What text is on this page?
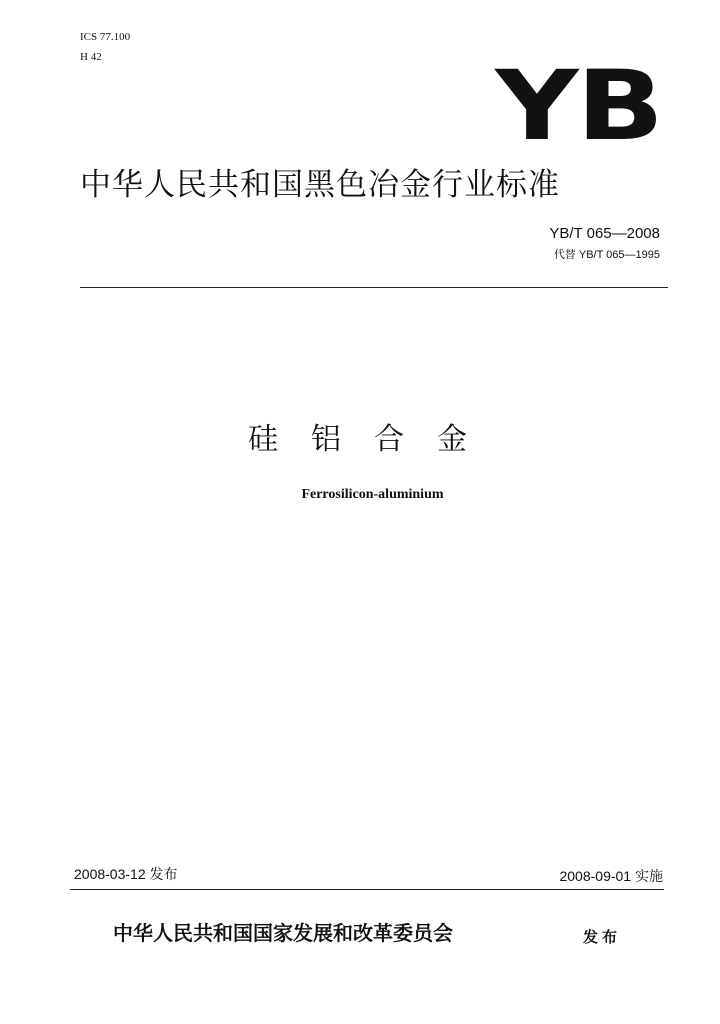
ICS 77.100
H 42	YB
中华人民共和国黑色冶金行业标准
YB/T 065—2008
代替 YB/T 065—1995
硅铝合金
Ferrosilicon-aluminium
2008-03-12 发布	2008-09-01 实施
中华人民共和国国家发展和改革委员会	发布
